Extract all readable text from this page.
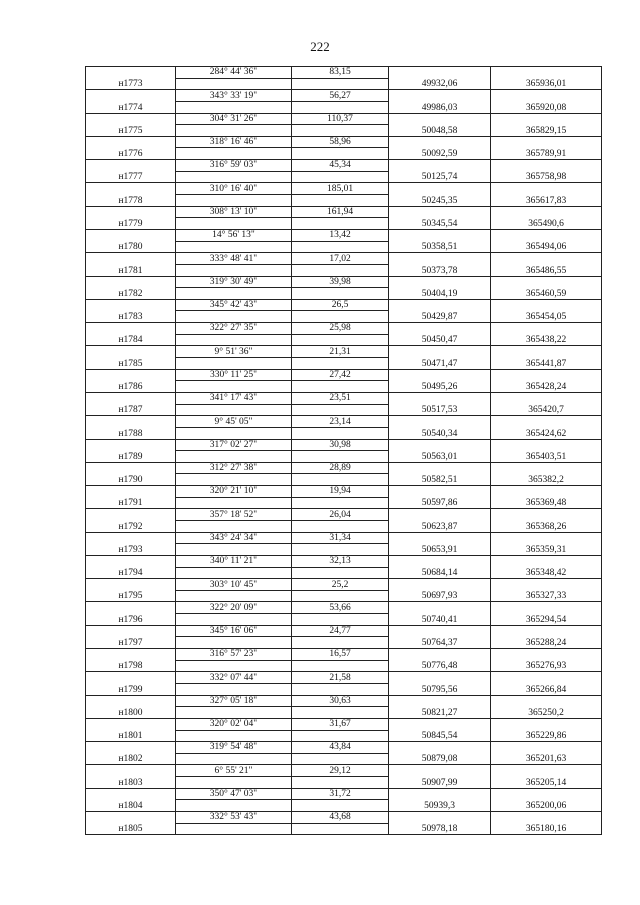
222
н1773	284° 44' 36"	83,15	49932,06	365936,01

н1774	343° 33' 19"	56,27	49986,03	365920,08

н1775	304° 31' 26"	110,37	50048,58	365829,15

н1776	318° 16' 46"	58,96	50092,59	365789,91

н1777	316° 59' 03"	45,34	50125,74	365758,98

н1778	310° 16' 40"	185,01	50245,35	365617,83

н1779	308° 13' 10"	161,94	50345,54	365490,6

н1780	14° 56' 13"	13,42	50358,51	365494,06

н1781	333° 48' 41"	17,02	50373,78	365486,55

н1782	319° 30' 49"	39,98	50404,19	365460,59

н1783	345° 42' 43"	26,5	50429,87	365454,05

н1784	322° 27' 35"	25,98	50450,47	365438,22

н1785	9° 51' 36"	21,31	50471,47	365441,87

н1786	330° 11' 25"	27,42	50495,26	365428,24

н1787	341° 17' 43"	23,51	50517,53	365420,7

н1788	9° 45' 05"	23,14	50540,34	365424,62

н1789	317° 02' 27"	30,98	50563,01	365403,51

н1790	312° 27' 38"	28,89	50582,51	365382,2

н1791	320° 21' 10"	19,94	50597,86	365369,48

н1792	357° 18' 52"	26,04	50623,87	365368,26

н1793	343° 24' 34"	31,34	50653,91	365359,31

н1794	340° 11' 21"	32,13	50684,14	365348,42

н1795	303° 10' 45"	25,2	50697,93	365327,33

н1796	322° 20' 09"	53,66	50740,41	365294,54

н1797	345° 16' 06"	24,77	50764,37	365288,24

н1798	316° 57' 23"	16,57	50776,48	365276,93

н1799	332° 07' 44"	21,58	50795,56	365266,84

н1800	327° 05' 18"	30,63	50821,27	365250,2

н1801	320° 02' 04"	31,67	50845,54	365229,86

н1802	319° 54' 48"	43,84	50879,08	365201,63

н1803	6° 55' 21"	29,12	50907,99	365205,14

н1804	350° 47' 03"	31,72	50939,3	365200,06

н1805	332° 53' 43"	43,68	50978,18	365180,16
